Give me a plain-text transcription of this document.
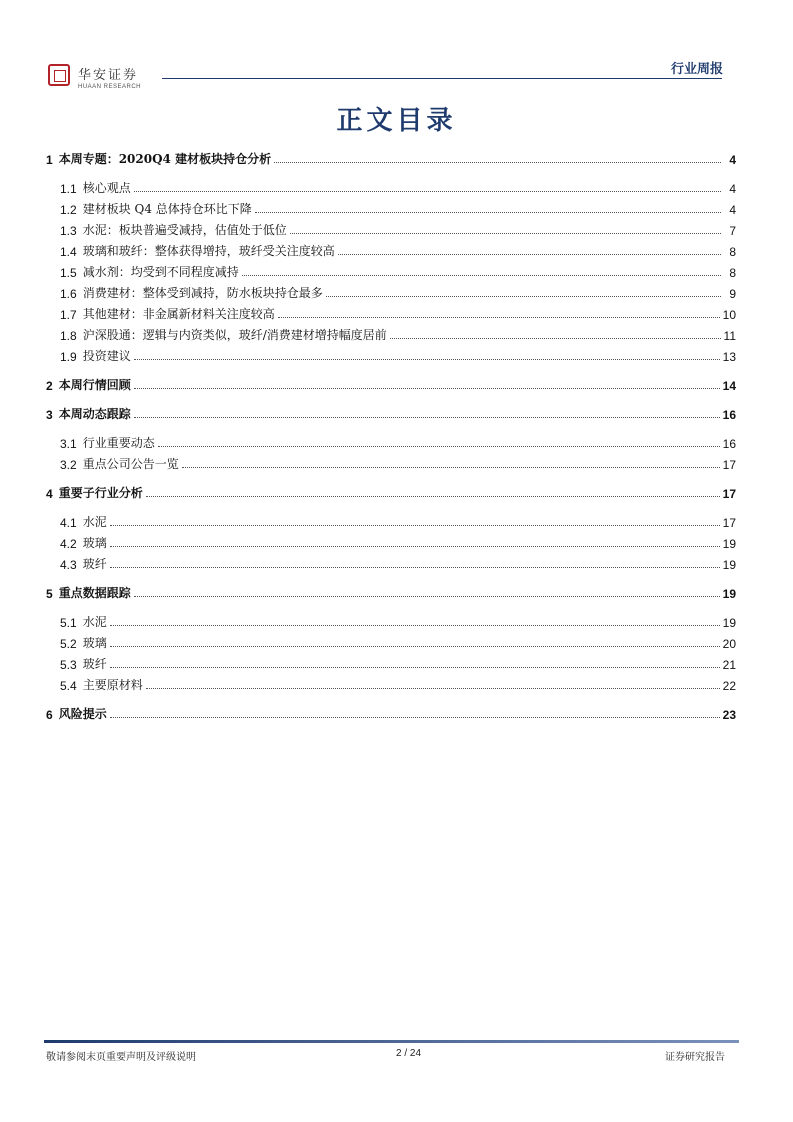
华安证券
HUAAN RESEARCH
行业周报
正文目录
1 本周专题：2020Q4 建材板块持仓分析	4
1.1 核心观点	4
1.2 建材板块 Q4 总体持仓环比下降	4
1.3 水泥：板块普遍受减持，估值处于低位	7
1.4 玻璃和玻纤：整体获得增持，玻纤受关注度较高	8
1.5 减水剂：均受到不同程度减持	8
1.6 消费建材：整体受到减持，防水板块持仓最多	9
1.7 其他建材：非金属新材料关注度较高	10
1.8 沪深股通：逻辑与内资类似，玻纤/消费建材增持幅度居前	11
1.9 投资建议	13
2 本周行情回顾	14
3 本周动态跟踪	16
3.1 行业重要动态	16
3.2 重点公司公告一览	17
4 重要子行业分析	17
4.1 水泥	17
4.2 玻璃	19
4.3 玻纤	19
5 重点数据跟踪	19
5.1 水泥	19
5.2 玻璃	20
5.3 玻纤	21
5.4 主要原材料	22
6 风险提示	23
敬请参阅末页重要声明及评级说明	2 / 24	证券研究报告
